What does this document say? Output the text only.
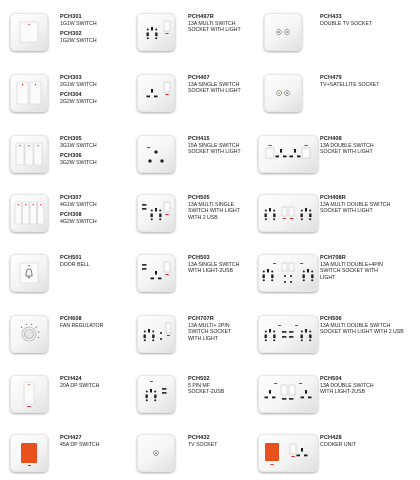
PCH301
1G1W SWITCH
PCH302
1G2W SWITCH
PCH497R
13A MULTI SWITCH
SOCKET WITH LIGHT
PCH433
DOUBLE TV SOCKET
PCH303
2G1W SWITCH
PCH304
2G2W SWITCH
PCH407
13A SINGLE SWITCH
SOCKET WITH LIGHT
PCH479
TV+SATELLITE SOCKET
PCH305
3G1W SWITCH
PCH306
3G2W SWITCH
PCH415
15A SINGLE SWITCH
SOCKET WITH LIGHT
PCH408
13A DOUBLE SWITCH
SOCKET WITH LIGHT
PCH307
4G1W SWITCH
PCH308
4G2W SWITCH
PCH505
13A MULTI SINGLE
SWITCH WITH LIGHT
WITH 2 USB
PCH408R
13A MULTI DOUBLE SWITCH
SOCKET WITH LIGHT
PCH501
DOOR BELL
PCH503
13A SINGLE SWITCH
WITH LIGHT-2USB
PCH708R
13A MULTI DOUBLE+4PIN
SWITCH SOCKET WITH
LIGHT
PCH608
FAN REGULATOR
PCH707R
13A MULTI+ 2PIN
SWITCH SOCKET
WITH LIGHT
PCH506
13A MULTI DOUBLE SWITCH
SOCKET WITH LIGHT WITH 2 USB
PCH424
20A DP SWITCH
PCH502
5 PIN MF
SOCKET-2USB
PCH504
13A DOUBLE SWITCH
WITH LIGHT-2USB
PCH427
45A DP SWITCH
PCH432
TV SOCKET
PCH428
COOKER UNIT
